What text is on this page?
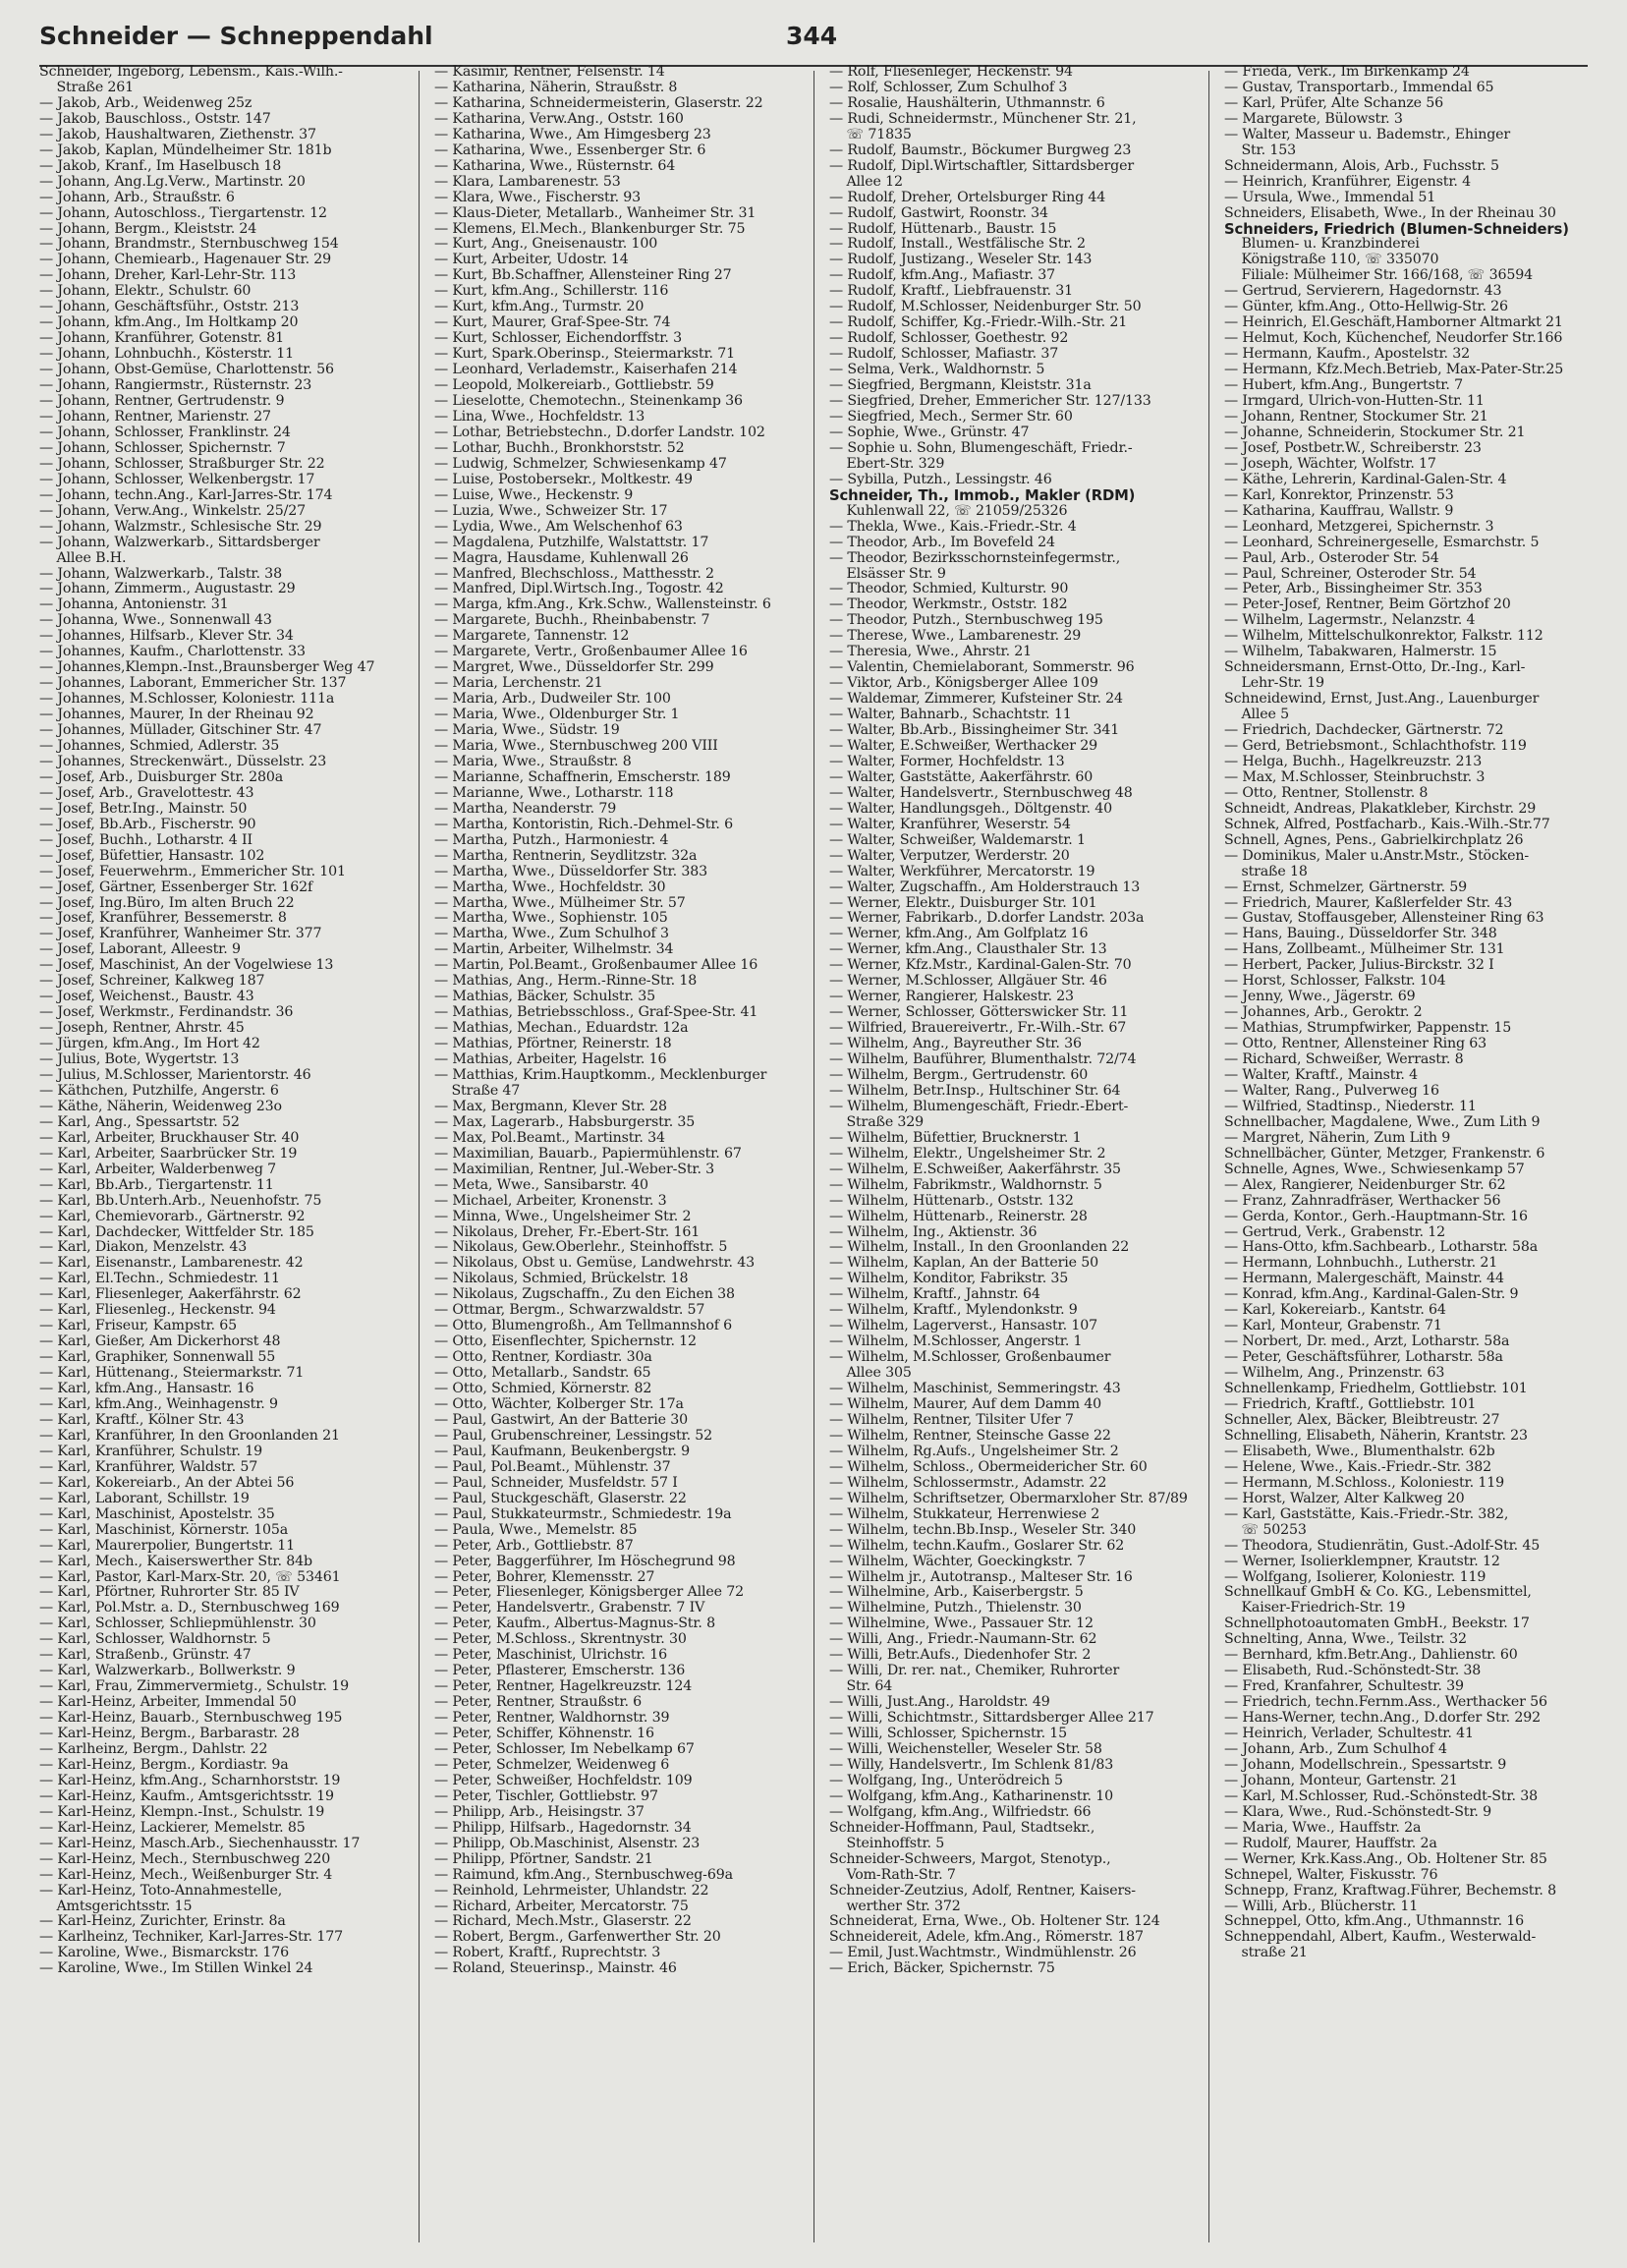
Schneider — Schneppendahl	344
Schneider, Ingeborg, Lebensm., Kais.-Wilh.-
Straße 261
— Jakob, Arb., Weidenweg 25z
— Jakob, Bauschloss., Oststr. 147
— Jakob, Haushaltwaren, Ziethenstr. 37
— Jakob, Kaplan, Mündelheimer Str. 181b
— Jakob, Kranf., Im Haselbusch 18
— Johann, Ang.Lg.Verw., Martinstr. 20
— Johann, Arb., Straußstr. 6
— Johann, Autoschloss., Tiergartenstr. 12
— Johann, Bergm., Kleiststr. 24
— Johann, Brandmstr., Sternbuschweg 154
— Johann, Chemiearb., Hagenauer Str. 29
— Johann, Dreher, Karl-Lehr-Str. 113
— Johann, Elektr., Schulstr. 60
— Johann, Geschäftsführ., Oststr. 213
— Johann, kfm.Ang., Im Holtkamp 20
— Johann, Kranführer, Gotenstr. 81
— Johann, Lohnbuchh., Kösterstr. 11
— Johann, Obst-Gemüse, Charlottenstr. 56
— Johann, Rangiermstr., Rüsternstr. 23
— Johann, Rentner, Gertrudenstr. 9
— Johann, Rentner, Marienstr. 27
— Johann, Schlosser, Franklinstr. 24
— Johann, Schlosser, Spichernstr. 7
— Johann, Schlosser, Straßburger Str. 22
— Johann, Schlosser, Welkenbergstr. 17
— Johann, techn.Ang., Karl-Jarres-Str. 174
— Johann, Verw.Ang., Winkelstr. 25/27
— Johann, Walzmstr., Schlesische Str. 29
— Johann, Walzwerkarb., Sittardsberger
Allee B.H.
— Johann, Walzwerkarb., Talstr. 38
— Johann, Zimmerm., Augustastr. 29
— Johanna, Antonienstr. 31
— Johanna, Wwe., Sonnenwall 43
— Johannes, Hilfsarb., Klever Str. 34
— Johannes, Kaufm., Charlottenstr. 33
— Johannes,Klempn.-Inst.,Braunsberger Weg 47
— Johannes, Laborant, Emmericher Str. 137
— Johannes, M.Schlosser, Koloniestr. 111a
— Johannes, Maurer, In der Rheinau 92
— Johannes, Müllader, Gitschiner Str. 47
— Johannes, Schmied, Adlerstr. 35
— Johannes, Streckenwärt., Düsselstr. 23
— Josef, Arb., Duisburger Str. 280a
— Josef, Arb., Gravelottestr. 43
— Josef, Betr.Ing., Mainstr. 50
— Josef, Bb.Arb., Fischerstr. 90
— Josef, Buchh., Lotharstr. 4 II
— Josef, Büfettier, Hansastr. 102
— Josef, Feuerwehrm., Emmericher Str. 101
— Josef, Gärtner, Essenberger Str. 162f
— Josef, Ing.Büro, Im alten Bruch 22
— Josef, Kranführer, Bessemerstr. 8
— Josef, Kranführer, Wanheimer Str. 377
— Josef, Laborant, Alleestr. 9
— Josef, Maschinist, An der Vogelwiese 13
— Josef, Schreiner, Kalkweg 187
— Josef, Weichenst., Baustr. 43
— Josef, Werkmstr., Ferdinandstr. 36
— Joseph, Rentner, Ahrstr. 45
— Jürgen, kfm.Ang., Im Hort 42
— Julius, Bote, Wygertstr. 13
— Julius, M.Schlosser, Marientorstr. 46
— Käthchen, Putzhilfe, Angerstr. 6
— Käthe, Näherin, Weidenweg 23o
— Karl, Ang., Spessartstr. 52
— Karl, Arbeiter, Bruckhauser Str. 40
— Karl, Arbeiter, Saarbrücker Str. 19
— Karl, Arbeiter, Walderbenweg 7
— Karl, Bb.Arb., Tiergartenstr. 11
— Karl, Bb.Unterh.Arb., Neuenhofstr. 75
— Karl, Chemievorarb., Gärtnerstr. 92
— Karl, Dachdecker, Wittfelder Str. 185
— Karl, Diakon, Menzelstr. 43
— Karl, Eisenanstr., Lambarenestr. 42
— Karl, El.Techn., Schmiedestr. 11
— Karl, Fliesenleger, Aakerfährstr. 62
— Karl, Fliesenleg., Heckenstr. 94
— Karl, Friseur, Kampstr. 65
— Karl, Gießer, Am Dickerhorst 48
— Karl, Graphiker, Sonnenwall 55
— Karl, Hüttenang., Steiermarkstr. 71
— Karl, kfm.Ang., Hansastr. 16
— Karl, kfm.Ang., Weinhagenstr. 9
— Karl, Kraftf., Kölner Str. 43
— Karl, Kranführer, In den Groonlanden 21
— Karl, Kranführer, Schulstr. 19
— Karl, Kranführer, Waldstr. 57
— Karl, Kokereiarb., An der Abtei 56
— Karl, Laborant, Schillstr. 19
— Karl, Maschinist, Apostelstr. 35
— Karl, Maschinist, Körnerstr. 105a
— Karl, Maurerpolier, Bungertstr. 11
— Karl, Mech., Kaiserswerther Str. 84b
— Karl, Pastor, Karl-Marx-Str. 20, ☏ 53461
— Karl, Pförtner, Ruhrorter Str. 85 IV
— Karl, Pol.Mstr. a. D., Sternbuschweg 169
— Karl, Schlosser, Schliepmühlenstr. 30
— Karl, Schlosser, Waldhornstr. 5
— Karl, Straßenb., Grünstr. 47
— Karl, Walzwerkarb., Bollwerkstr. 9
— Karl, Frau, Zimmervermietg., Schulstr. 19
— Karl-Heinz, Arbeiter, Immendal 50
— Karl-Heinz, Bauarb., Sternbuschweg 195
— Karl-Heinz, Bergm., Barbarastr. 28
— Karlheinz, Bergm., Dahlstr. 22
— Karl-Heinz, Bergm., Kordiastr. 9a
— Karl-Heinz, kfm.Ang., Scharnhorststr. 19
— Karl-Heinz, Kaufm., Amtsgerichtsstr. 19
— Karl-Heinz, Klempn.-Inst., Schulstr. 19
— Karl-Heinz, Lackierer, Memelstr. 85
— Karl-Heinz, Masch.Arb., Siechenhausstr. 17
— Karl-Heinz, Mech., Sternbuschweg 220
— Karl-Heinz, Mech., Weißenburger Str. 4
— Karl-Heinz, Toto-Annahmestelle,
Amtsgerichtsstr. 15
— Karl-Heinz, Zurichter, Erinstr. 8a
— Karlheinz, Techniker, Karl-Jarres-Str. 177
— Karoline, Wwe., Bismarckstr. 176
— Karoline, Wwe., Im Stillen Winkel 24
— Kasimir, Rentner, Felsenstr. 14
— Katharina, Näherin, Straußstr. 8
— Katharina, Schneidermeisterin, Glaserstr. 22
— Katharina, Verw.Ang., Oststr. 160
— Katharina, Wwe., Am Himgesberg 23
— Katharina, Wwe., Essenberger Str. 6
— Katharina, Wwe., Rüsternstr. 64
— Klara, Lambarenestr. 53
— Klara, Wwe., Fischerstr. 93
— Klaus-Dieter, Metallarb., Wanheimer Str. 31
— Klemens, El.Mech., Blankenburger Str. 75
— Kurt, Ang., Gneisenaustr. 100
— Kurt, Arbeiter, Udostr. 14
— Kurt, Bb.Schaffner, Allensteiner Ring 27
— Kurt, kfm.Ang., Schillerstr. 116
— Kurt, kfm.Ang., Turmstr. 20
— Kurt, Maurer, Graf-Spee-Str. 74
— Kurt, Schlosser, Eichendorffstr. 3
— Kurt, Spark.Oberinsp., Steiermarkstr. 71
— Leonhard, Verlademstr., Kaiserhafen 214
— Leopold, Molkereiarb., Gottliebstr. 59
— Lieselotte, Chemotechn., Steinenkamp 36
— Lina, Wwe., Hochfeldstr. 13
— Lothar, Betriebstechn., D.dorfer Landstr. 102
— Lothar, Buchh., Bronkhorststr. 52
— Ludwig, Schmelzer, Schwiesenkamp 47
— Luise, Postobersekr., Moltkestr. 49
— Luise, Wwe., Heckenstr. 9
— Luzia, Wwe., Schweizer Str. 17
— Lydia, Wwe., Am Welschenhof 63
— Magdalena, Putzhilfe, Walstattstr. 17
— Magra, Hausdame, Kuhlenwall 26
— Manfred, Blechschloss., Matthesstr. 2
— Manfred, Dipl.Wirtsch.Ing., Togostr. 42
— Marga, kfm.Ang., Krk.Schw., Wallensteinstr. 6
— Margarete, Buchh., Rheinbabenstr. 7
— Margarete, Tannenstr. 12
— Margarete, Vertr., Großenbaumer Allee 16
— Margret, Wwe., Düsseldorfer Str. 299
— Maria, Lerchenstr. 21
— Maria, Arb., Dudweiler Str. 100
— Maria, Wwe., Oldenburger Str. 1
— Maria, Wwe., Südstr. 19
— Maria, Wwe., Sternbuschweg 200 VIII
— Maria, Wwe., Straußstr. 8
— Marianne, Schaffnerin, Emscherstr. 189
— Marianne, Wwe., Lotharstr. 118
— Martha, Neanderstr. 79
— Martha, Kontoristin, Rich.-Dehmel-Str. 6
— Martha, Putzh., Harmoniestr. 4
— Martha, Rentnerin, Seydlitzstr. 32a
— Martha, Wwe., Düsseldorfer Str. 383
— Martha, Wwe., Hochfeldstr. 30
— Martha, Wwe., Mülheimer Str. 57
— Martha, Wwe., Sophienstr. 105
— Martha, Wwe., Zum Schulhof 3
— Martin, Arbeiter, Wilhelmstr. 34
— Martin, Pol.Beamt., Großenbaumer Allee 16
— Mathias, Ang., Herm.-Rinne-Str. 18
— Mathias, Bäcker, Schulstr. 35
— Mathias, Betriebsschloss., Graf-Spee-Str. 41
— Mathias, Mechan., Eduardstr. 12a
— Mathias, Pförtner, Reinerstr. 18
— Mathias, Arbeiter, Hagelstr. 16
— Matthias, Krim.Hauptkomm., Mecklenburger
Straße 47
— Max, Bergmann, Klever Str. 28
— Max, Lagerarb., Habsburgerstr. 35
— Max, Pol.Beamt., Martinstr. 34
— Maximilian, Bauarb., Papiermühlenstr. 67
— Maximilian, Rentner, Jul.-Weber-Str. 3
— Meta, Wwe., Sansibarstr. 40
— Michael, Arbeiter, Kronenstr. 3
— Minna, Wwe., Ungelsheimer Str. 2
— Nikolaus, Dreher, Fr.-Ebert-Str. 161
— Nikolaus, Gew.Oberlehr., Steinhoffstr. 5
— Nikolaus, Obst u. Gemüse, Landwehrstr. 43
— Nikolaus, Schmied, Brückelstr. 18
— Nikolaus, Zugschaffn., Zu den Eichen 38
— Ottmar, Bergm., Schwarzwaldstr. 57
— Otto, Blumengroßh., Am Tellmannshof 6
— Otto, Eisenflechter, Spichernstr. 12
— Otto, Rentner, Kordiastr. 30a
— Otto, Metallarb., Sandstr. 65
— Otto, Schmied, Körnerstr. 82
— Otto, Wächter, Kolberger Str. 17a
— Paul, Gastwirt, An der Batterie 30
— Paul, Grubenschreiner, Lessingstr. 52
— Paul, Kaufmann, Beukenbergstr. 9
— Paul, Pol.Beamt., Mühlenstr. 37
— Paul, Schneider, Musfeldstr. 57 I
— Paul, Stuckgeschäft, Glaserstr. 22
— Paul, Stukkateurmstr., Schmiedestr. 19a
— Paula, Wwe., Memelstr. 85
— Peter, Arb., Gottliebstr. 87
— Peter, Baggerführer, Im Höschegrund 98
— Peter, Bohrer, Klemensstr. 27
— Peter, Fliesenleger, Königsberger Allee 72
— Peter, Handelsvertr., Grabenstr. 7 IV
— Peter, Kaufm., Albertus-Magnus-Str. 8
— Peter, M.Schloss., Skrentnystr. 30
— Peter, Maschinist, Ulrichstr. 16
— Peter, Pflasterer, Emscherstr. 136
— Peter, Rentner, Hagelkreuzstr. 124
— Peter, Rentner, Straußstr. 6
— Peter, Rentner, Waldhornstr. 39
— Peter, Schiffer, Köhnenstr. 16
— Peter, Schlosser, Im Nebelkamp 67
— Peter, Schmelzer, Weidenweg 6
— Peter, Schweißer, Hochfeldstr. 109
— Peter, Tischler, Gottliebstr. 97
— Philipp, Arb., Heisingstr. 37
— Philipp, Hilfsarb., Hagedornstr. 34
— Philipp, Ob.Maschinist, Alsenstr. 23
— Philipp, Pförtner, Sandstr. 21
— Raimund, kfm.Ang., Sternbuschweg-69a
— Reinhold, Lehrmeister, Uhlandstr. 22
— Richard, Arbeiter, Mercatorstr. 75
— Richard, Mech.Mstr., Glaserstr. 22
— Robert, Bergm., Garfenwerther Str. 20
— Robert, Kraftf., Ruprechtstr. 3
— Roland, Steuerinsp., Mainstr. 46
— Rolf, Fliesenleger, Heckenstr. 94
— Rolf, Schlosser, Zum Schulhof 3
— Rosalie, Haushälterin, Uthmannstr. 6
— Rudi, Schneidermstr., Münchener Str. 21,
☏ 71835
— Rudolf, Baumstr., Böckumer Burgweg 23
— Rudolf, Dipl.Wirtschaftler, Sittardsberger
Allee 12
— Rudolf, Dreher, Ortelsburger Ring 44
— Rudolf, Gastwirt, Roonstr. 34
— Rudolf, Hüttenarb., Baustr. 15
— Rudolf, Install., Westfälische Str. 2
— Rudolf, Justizang., Weseler Str. 143
— Rudolf, kfm.Ang., Mafiastr. 37
— Rudolf, Kraftf., Liebfrauenstr. 31
— Rudolf, M.Schlosser, Neidenburger Str. 50
— Rudolf, Schiffer, Kg.-Friedr.-Wilh.-Str. 21
— Rudolf, Schlosser, Goethestr. 92
— Rudolf, Schlosser, Mafiastr. 37
— Selma, Verk., Waldhornstr. 5
— Siegfried, Bergmann, Kleiststr. 31a
— Siegfried, Dreher, Emmericher Str. 127/133
— Siegfried, Mech., Sermer Str. 60
— Sophie, Wwe., Grünstr. 47
— Sophie u. Sohn, Blumengeschäft, Friedr.-
Ebert-Str. 329
— Sybilla, Putzh., Lessingstr. 46
Schneider, Th., Immob., Makler (RDM)
Kuhlenwall 22, ☏ 21059/25326
— Thekla, Wwe., Kais.-Friedr.-Str. 4
— Theodor, Arb., Im Bovefeld 24
— Theodor, Bezirksschornsteinfegermstr.,
Elsässer Str. 9
— Theodor, Schmied, Kulturstr. 90
— Theodor, Werkmstr., Oststr. 182
— Theodor, Putzh., Sternbuschweg 195
— Therese, Wwe., Lambarenestr. 29
— Theresia, Wwe., Ahrstr. 21
— Valentin, Chemielaborant, Sommerstr. 96
— Viktor, Arb., Königsberger Allee 109
— Waldemar, Zimmerer, Kufsteiner Str. 24
— Walter, Bahnarb., Schachtstr. 11
— Walter, Bb.Arb., Bissingheimer Str. 341
— Walter, E.Schweißer, Werthacker 29
— Walter, Former, Hochfeldstr. 13
— Walter, Gaststätte, Aakerfährstr. 60
— Walter, Handelsvertr., Sternbuschweg 48
— Walter, Handlungsgeh., Döltgenstr. 40
— Walter, Kranführer, Weserstr. 54
— Walter, Schweißer, Waldemarstr. 1
— Walter, Verputzer, Werderstr. 20
— Walter, Werkführer, Mercatorstr. 19
— Walter, Zugschaffn., Am Holderstrauch 13
— Werner, Elektr., Duisburger Str. 101
— Werner, Fabrikarb., D.dorfer Landstr. 203a
— Werner, kfm.Ang., Am Golfplatz 16
— Werner, kfm.Ang., Clausthaler Str. 13
— Werner, Kfz.Mstr., Kardinal-Galen-Str. 70
— Werner, M.Schlosser, Allgäuer Str. 46
— Werner, Rangierer, Halskestr. 23
— Werner, Schlosser, Götterswicker Str. 11
— Wilfried, Brauereivertr., Fr.-Wilh.-Str. 67
— Wilhelm, Ang., Bayreuther Str. 36
— Wilhelm, Bauführer, Blumenthalstr. 72/74
— Wilhelm, Bergm., Gertrudenstr. 60
— Wilhelm, Betr.Insp., Hultschiner Str. 64
— Wilhelm, Blumengeschäft, Friedr.-Ebert-
Straße 329
— Wilhelm, Büfettier, Brucknerstr. 1
— Wilhelm, Elektr., Ungelsheimer Str. 2
— Wilhelm, E.Schweißer, Aakerfährstr. 35
— Wilhelm, Fabrikmstr., Waldhornstr. 5
— Wilhelm, Hüttenarb., Oststr. 132
— Wilhelm, Hüttenarb., Reinerstr. 28
— Wilhelm, Ing., Aktienstr. 36
— Wilhelm, Install., In den Groonlanden 22
— Wilhelm, Kaplan, An der Batterie 50
— Wilhelm, Konditor, Fabrikstr. 35
— Wilhelm, Kraftf., Jahnstr. 64
— Wilhelm, Kraftf., Mylendonkstr. 9
— Wilhelm, Lagerverst., Hansastr. 107
— Wilhelm, M.Schlosser, Angerstr. 1
— Wilhelm, M.Schlosser, Großenbaumer
Allee 305
— Wilhelm, Maschinist, Semmeringstr. 43
— Wilhelm, Maurer, Auf dem Damm 40
— Wilhelm, Rentner, Tilsiter Ufer 7
— Wilhelm, Rentner, Steinsche Gasse 22
— Wilhelm, Rg.Aufs., Ungelsheimer Str. 2
— Wilhelm, Schloss., Obermeidericher Str. 60
— Wilhelm, Schlossermstr., Adamstr. 22
— Wilhelm, Schriftsetzer, Obermarxloher Str. 87/89
— Wilhelm, Stukkateur, Herrenwiese 2
— Wilhelm, techn.Bb.Insp., Weseler Str. 340
— Wilhelm, techn.Kaufm., Goslarer Str. 62
— Wilhelm, Wächter, Goeckingkstr. 7
— Wilhelm jr., Autotransp., Malteser Str. 16
— Wilhelmine, Arb., Kaiserbergstr. 5
— Wilhelmine, Putzh., Thielenstr. 30
— Wilhelmine, Wwe., Passauer Str. 12
— Willi, Ang., Friedr.-Naumann-Str. 62
— Willi, Betr.Aufs., Diedenhofer Str. 2
— Willi, Dr. rer. nat., Chemiker, Ruhrorter
Str. 64
— Willi, Just.Ang., Haroldstr. 49
— Willi, Schichtmstr., Sittardsberger Allee 217
— Willi, Schlosser, Spichernstr. 15
— Willi, Weichensteller, Weseler Str. 58
— Willy, Handelsvertr., Im Schlenk 81/83
— Wolfgang, Ing., Unterödreich 5
— Wolfgang, kfm.Ang., Katharinenstr. 10
— Wolfgang, kfm.Ang., Wilfriedstr. 66
Schneider-Hoffmann, Paul, Stadtsekr.,
Steinhoffstr. 5
Schneider-Schweers, Margot, Stenotyp.,
Vom-Rath-Str. 7
Schneider-Zeutzius, Adolf, Rentner, Kaisers-
werther Str. 372
Schneiderat, Erna, Wwe., Ob. Holtener Str. 124
Schneidereit, Adele, kfm.Ang., Römerstr. 187
— Emil, Just.Wachtmstr., Windmühlenstr. 26
— Erich, Bäcker, Spichernstr. 75
— Frieda, Verk., Im Birkenkamp 24
— Gustav, Transportarb., Immendal 65
— Karl, Prüfer, Alte Schanze 56
— Margarete, Bülowstr. 3
— Walter, Masseur u. Bademstr., Ehinger
Str. 153
Schneidermann, Alois, Arb., Fuchsstr. 5
— Heinrich, Kranführer, Eigenstr. 4
— Ursula, Wwe., Immendal 51
Schneiders, Elisabeth, Wwe., In der Rheinau 30
Schneiders, Friedrich (Blumen-Schneiders)
Blumen- u. Kranzbinderei
Königstraße 110, ☏ 335070
Filiale: Mülheimer Str. 166/168, ☏ 36594
— Gertrud, Servierern, Hagedornstr. 43
— Günter, kfm.Ang., Otto-Hellwig-Str. 26
— Heinrich, El.Geschäft,Hamborner Altmarkt 21
— Helmut, Koch, Küchenchef, Neudorfer Str.166
— Hermann, Kaufm., Apostelstr. 32
— Hermann, Kfz.Mech.Betrieb, Max-Pater-Str.25
— Hubert, kfm.Ang., Bungertstr. 7
— Irmgard, Ulrich-von-Hutten-Str. 11
— Johann, Rentner, Stockumer Str. 21
— Johanne, Schneiderin, Stockumer Str. 21
— Josef, Postbetr.W., Schreiberstr. 23
— Joseph, Wächter, Wolfstr. 17
— Käthe, Lehrerin, Kardinal-Galen-Str. 4
— Karl, Konrektor, Prinzenstr. 53
— Katharina, Kauffrau, Wallstr. 9
— Leonhard, Metzgerei, Spichernstr. 3
— Leonhard, Schreinergeselle, Esmarchstr. 5
— Paul, Arb., Osteroder Str. 54
— Paul, Schreiner, Osteroder Str. 54
— Peter, Arb., Bissingheimer Str. 353
— Peter-Josef, Rentner, Beim Görtzhof 20
— Wilhelm, Lagermstr., Nelanzstr. 4
— Wilhelm, Mittelschulkonrektor, Falkstr. 112
— Wilhelm, Tabakwaren, Halmerstr. 15
Schneidersmann, Ernst-Otto, Dr.-Ing., Karl-
Lehr-Str. 19
Schneidewind, Ernst, Just.Ang., Lauenburger
Allee 5
— Friedrich, Dachdecker, Gärtnerstr. 72
— Gerd, Betriebsmont., Schlachthofstr. 119
— Helga, Buchh., Hagelkreuzstr. 213
— Max, M.Schlosser, Steinbruchstr. 3
— Otto, Rentner, Stollenstr. 8
Schneidt, Andreas, Plakatkleber, Kirchstr. 29
Schnek, Alfred, Postfacharb., Kais.-Wilh.-Str.77
Schnell, Agnes, Pens., Gabrielkirchplatz 26
— Dominikus, Maler u.Anstr.Mstr., Stöcken-
straße 18
— Ernst, Schmelzer, Gärtnerstr. 59
— Friedrich, Maurer, Kaßlerfelder Str. 43
— Gustav, Stoffausgeber, Allensteiner Ring 63
— Hans, Bauing., Düsseldorfer Str. 348
— Hans, Zollbeamt., Mülheimer Str. 131
— Herbert, Packer, Julius-Birckstr. 32 I
— Horst, Schlosser, Falkstr. 104
— Jenny, Wwe., Jägerstr. 69
— Johannes, Arb., Geroktr. 2
— Mathias, Strumpfwirker, Pappenstr. 15
— Otto, Rentner, Allensteiner Ring 63
— Richard, Schweißer, Werrastr. 8
— Walter, Kraftf., Mainstr. 4
— Walter, Rang., Pulverweg 16
— Wilfried, Stadtinsp., Niederstr. 11
Schnellbacher, Magdalene, Wwe., Zum Lith 9
— Margret, Näherin, Zum Lith 9
Schnellbächer, Günter, Metzger, Frankenstr. 6
Schnelle, Agnes, Wwe., Schwiesenkamp 57
— Alex, Rangierer, Neidenburger Str. 62
— Franz, Zahnradfräser, Werthacker 56
— Gerda, Kontor., Gerh.-Hauptmann-Str. 16
— Gertrud, Verk., Grabenstr. 12
— Hans-Otto, kfm.Sachbearb., Lotharstr. 58a
— Hermann, Lohnbuchh., Lutherstr. 21
— Hermann, Malergeschäft, Mainstr. 44
— Konrad, kfm.Ang., Kardinal-Galen-Str. 9
— Karl, Kokereiarb., Kantstr. 64
— Karl, Monteur, Grabenstr. 71
— Norbert, Dr. med., Arzt, Lotharstr. 58a
— Peter, Geschäftsführer, Lotharstr. 58a
— Wilhelm, Ang., Prinzenstr. 63
Schnellenkamp, Friedhelm, Gottliebstr. 101
— Friedrich, Kraftf., Gottliebstr. 101
Schneller, Alex, Bäcker, Bleibtreustr. 27
Schnelling, Elisabeth, Näherin, Krantstr. 23
— Elisabeth, Wwe., Blumenthalstr. 62b
— Helene, Wwe., Kais.-Friedr.-Str. 382
— Hermann, M.Schloss., Koloniestr. 119
— Horst, Walzer, Alter Kalkweg 20
— Karl, Gaststätte, Kais.-Friedr.-Str. 382,
☏ 50253
— Theodora, Studienrätin, Gust.-Adolf-Str. 45
— Werner, Isolierklempner, Krautstr. 12
— Wolfgang, Isolierer, Koloniestr. 119
Schnellkauf GmbH & Co. KG., Lebensmittel,
Kaiser-Friedrich-Str. 19
Schnellphotoautomaten GmbH., Beekstr. 17
Schnelting, Anna, Wwe., Teilstr. 32
— Bernhard, kfm.Betr.Ang., Dahlienstr. 60
— Elisabeth, Rud.-Schönstedt-Str. 38
— Fred, Kranfahrer, Schultestr. 39
— Friedrich, techn.Fernm.Ass., Werthacker 56
— Hans-Werner, techn.Ang., D.dorfer Str. 292
— Heinrich, Verlader, Schultestr. 41
— Johann, Arb., Zum Schulhof 4
— Johann, Modellschrein., Spessartstr. 9
— Johann, Monteur, Gartenstr. 21
— Karl, M.Schlosser, Rud.-Schönstedt-Str. 38
— Klara, Wwe., Rud.-Schönstedt-Str. 9
— Maria, Wwe., Hauffstr. 2a
— Rudolf, Maurer, Hauffstr. 2a
— Werner, Krk.Kass.Ang., Ob. Holtener Str. 85
Schnepel, Walter, Fiskusstr. 76
Schnepp, Franz, Kraftwag.Führer, Bechemstr. 8
— Willi, Arb., Blücherstr. 11
Schneppel, Otto, kfm.Ang., Uthmannstr. 16
Schneppendahl, Albert, Kaufm., Westerwald-
straße 21
